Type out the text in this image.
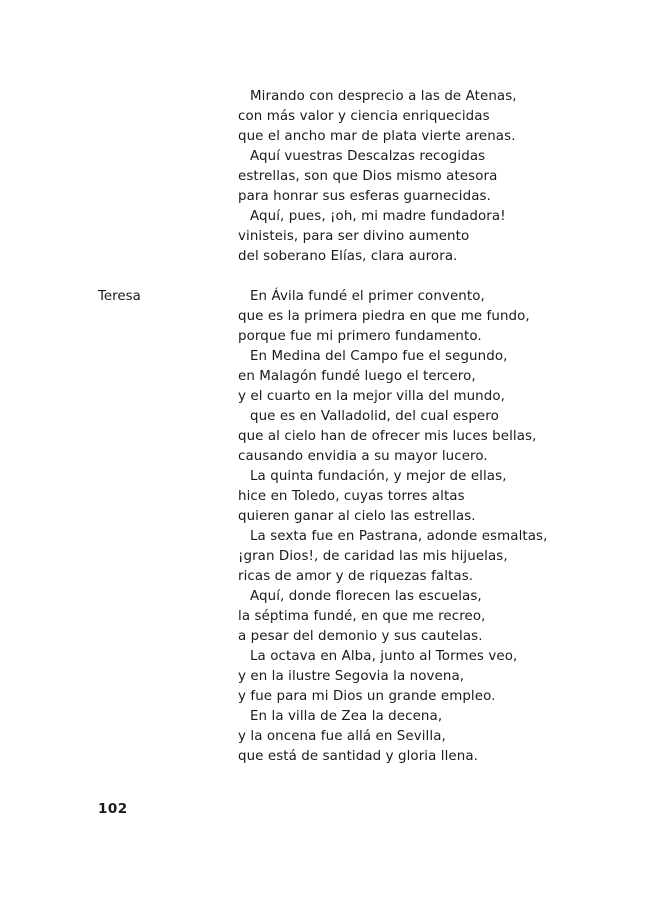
Mirando con desprecio a las de Atenas,
con más valor y ciencia enriquecidas
que el ancho mar de plata vierte arenas.
Aquí vuestras Descalzas recogidas
estrellas, son que Dios mismo atesora
para honrar sus esferas guarnecidas.
Aquí, pues, ¡oh, mi madre fundadora!
vinisteis, para ser divino aumento
del soberano Elías, clara aurora.
Teresa	En Ávila fundé el primer convento,
que es la primera piedra en que me fundo,
porque fue mi primero fundamento.
En Medina del Campo fue el segundo,
en Malagón fundé luego el tercero,
y el cuarto en la mejor villa del mundo,
que es en Valladolid, del cual espero
que al cielo han de ofrecer mis luces bellas,
causando envidia a su mayor lucero.
La quinta fundación, y mejor de ellas,
hice en Toledo, cuyas torres altas
quieren ganar al cielo las estrellas.
La sexta fue en Pastrana, adonde esmaltas,
¡gran Dios!, de caridad las mis hijuelas,
ricas de amor y de riquezas faltas.
Aquí, donde florecen las escuelas,
la séptima fundé, en que me recreo,
a pesar del demonio y sus cautelas.
La octava en Alba, junto al Tormes veo,
y en la ilustre Segovia la novena,
y fue para mi Dios un grande empleo.
En la villa de Zea la decena,
y la oncena fue allá en Sevilla,
que está de santidad y gloria llena.
102
